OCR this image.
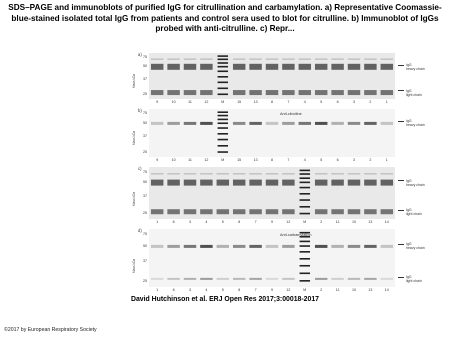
SDS–PAGE and immunoblots of purified IgG for citrullination and carbamylation. a) Representative Coomassie-blue-stained isolated total IgG from patients and control sera used to blot for citrulline. b) Immunoblot of IgGs probed with anti-citrulline. c) Repr...
a)
Mass kDa
75
50
37
25
IgG
heavy chain
IgG
light chain
9	10	11	12	M	15	13	8	7	4	5	6	3	2	1
b)
Mass kDa
75
50
37
25
Anti-citrulline
IgG
heavy chain
9	10	11	12	M	15	13	8	7	4	5	6	3	2	1
c)
Mass kDa
75
50
37
25
IgG
heavy chain
IgG
light chain
1	6	3	4	5	8	7	9	12	M	2	11	10	13	14
d)
Mass kDa
75
50
37
25
Anti-carbamylation
IgG
heavy chain
IgG
light chain
1	6	3	4	5	8	7	9	12	M	2	11	10	13	14
David Hutchinson et al. ERJ Open Res 2017;3:00018-2017
©2017 by European Respiratory Society
